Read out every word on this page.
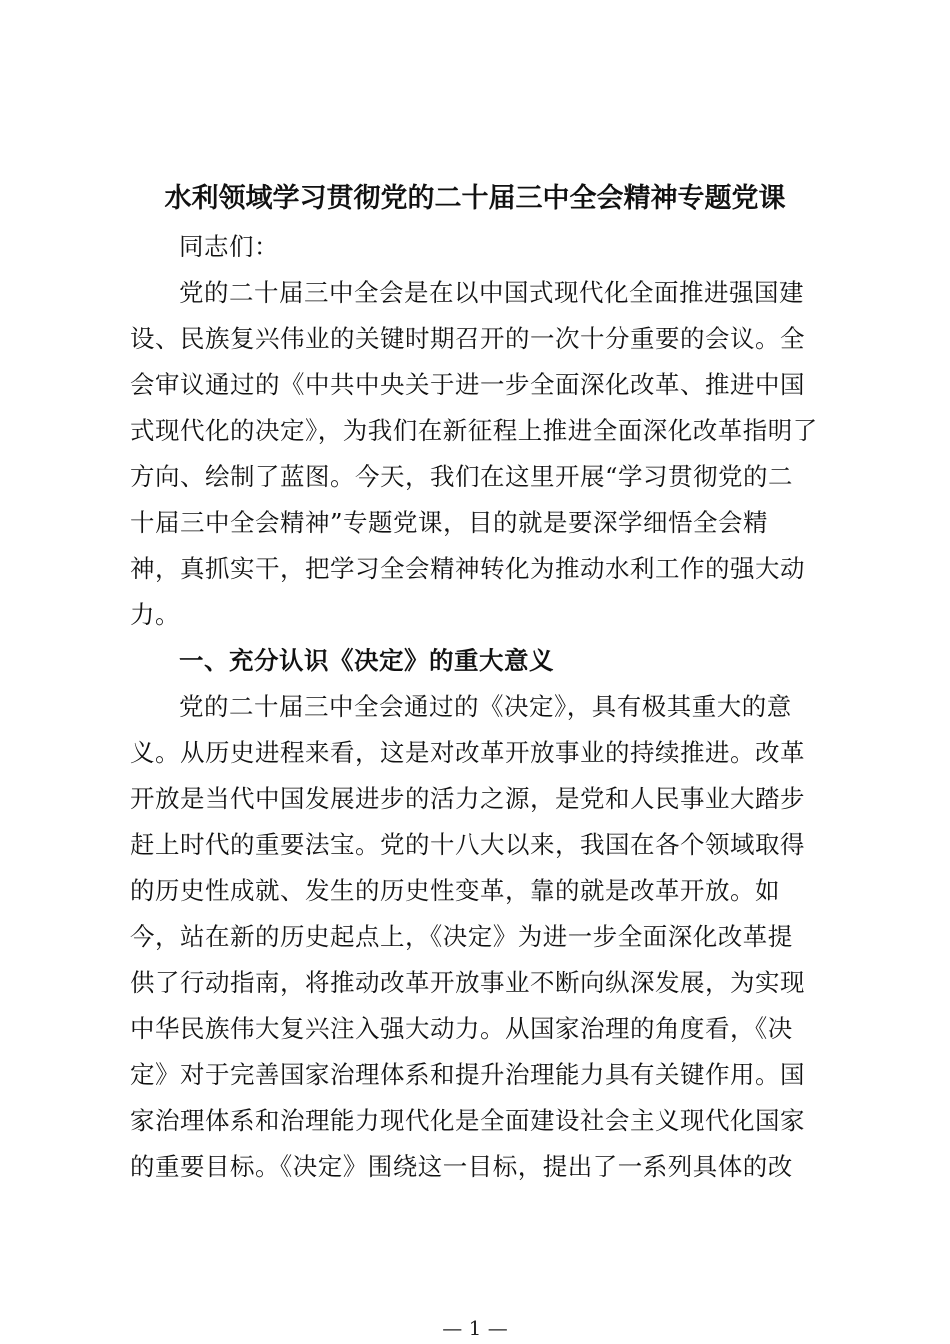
水利领域学习贯彻党的二十届三中全会精神专题党课
同志们：
党的二十届三中全会是在以中国式现代化全面推进强国建
设、民族复兴伟业的关键时期召开的一次十分重要的会议。全
会审议通过的《中共中央关于进一步全面深化改革、推进中国
式现代化的决定》，为我们在新征程上推进全面深化改革指明了
方向、绘制了蓝图。今天，我们在这里开展“学习贯彻党的二
十届三中全会精神”专题党课，目的就是要深学细悟全会精
神，真抓实干，把学习全会精神转化为推动水利工作的强大动
力。
一、充分认识《决定》的重大意义
党的二十届三中全会通过的《决定》，具有极其重大的意
义。从历史进程来看，这是对改革开放事业的持续推进。改革
开放是当代中国发展进步的活力之源，是党和人民事业大踏步
赶上时代的重要法宝。党的十八大以来，我国在各个领域取得
的历史性成就、发生的历史性变革，靠的就是改革开放。如
今，站在新的历史起点上，《决定》为进一步全面深化改革提
供了行动指南，将推动改革开放事业不断向纵深发展，为实现
中华民族伟大复兴注入强大动力。从国家治理的角度看，《决
定》对于完善国家治理体系和提升治理能力具有关键作用。国
家治理体系和治理能力现代化是全面建设社会主义现代化国家
的重要目标。《决定》围绕这一目标，提出了一系列具体的改
— 1 —
